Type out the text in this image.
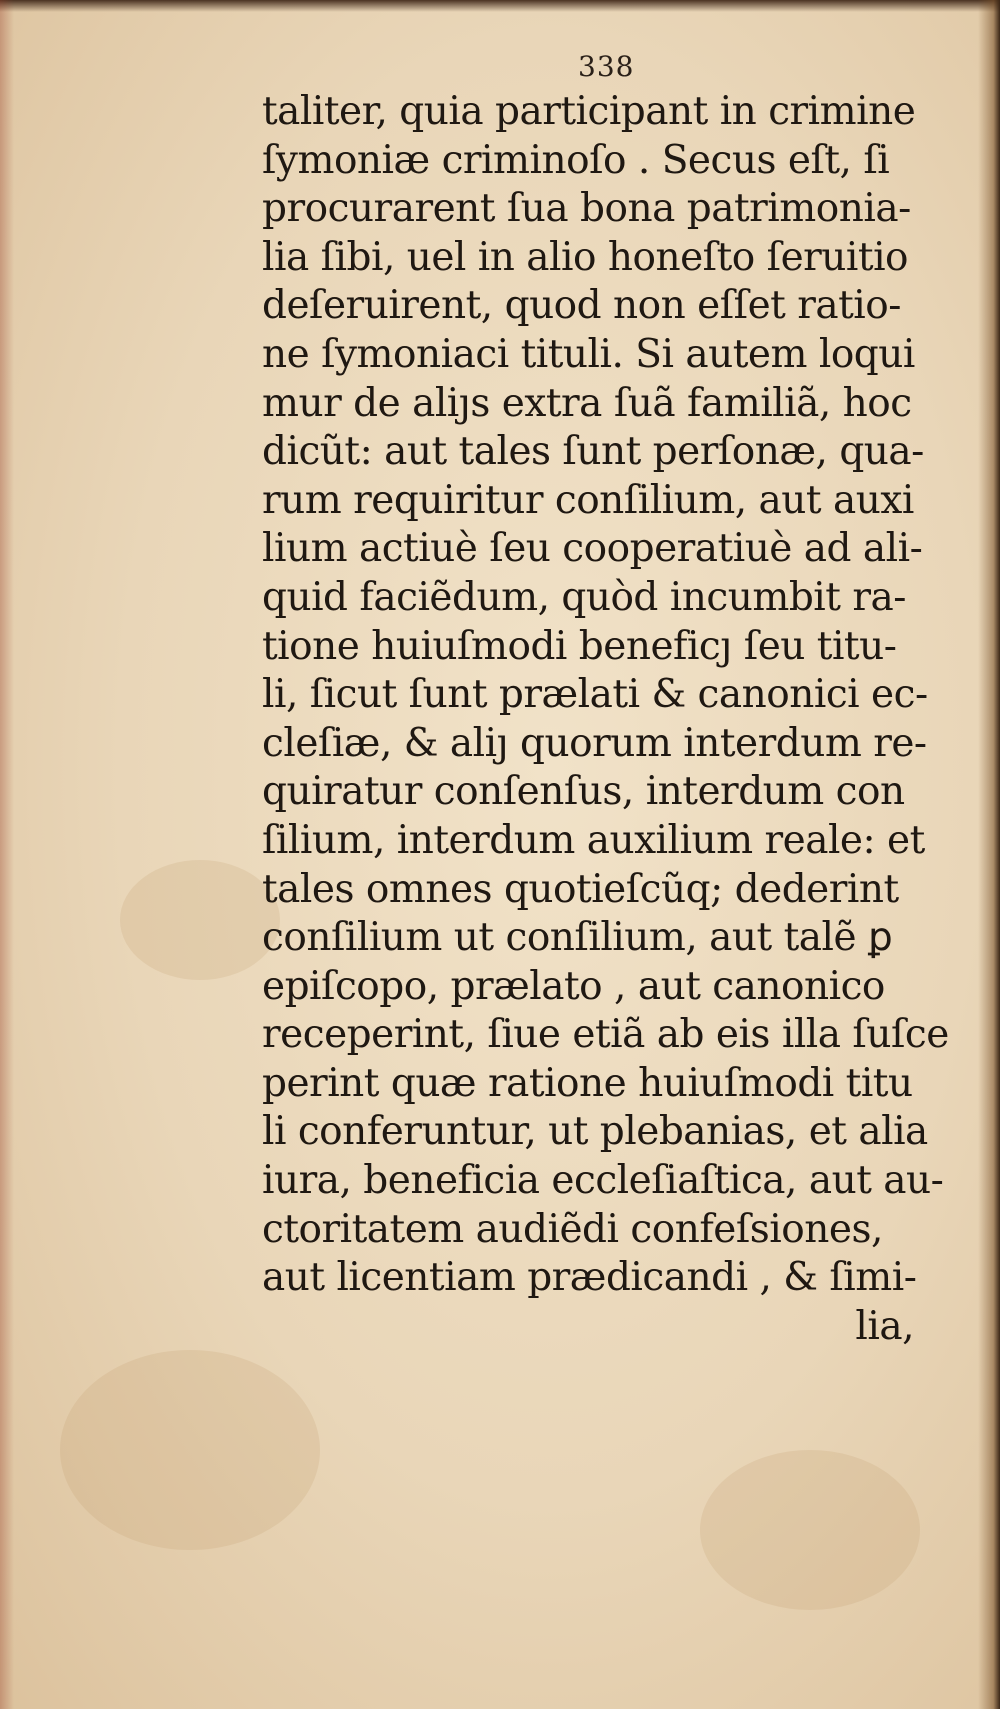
338
taliter, quia participant in crimine
ſymoniæ criminoſo . Secus eſt, ſi
procurarent ſua bona patrimonia-
lia ſibi, uel in alio honeſto ſeruitio
deſeruirent, quod non eſſet ratio-
ne ſymoniaci tituli. Si autem loqui
mur de aliȷs extra ſuã familiã, hoc
dicũt: aut tales ſunt perſonæ, qua-
rum requiritur conſilium, aut auxi
lium actiuè ſeu cooperatiuè ad ali-
quid faciẽdum, quòd incumbit ra-
tione huiuſmodi beneficȷ ſeu titu-
li, ſicut ſunt prælati & canonici ec-
cleſiæ, & aliȷ quorum interdum re-
quiratur conſenſus, interdum con
ſilium, interdum auxilium reale: et
tales omnes quotieſcũq; dederint
conſilium ut conſilium, aut talẽ ꝑ
epiſcopo, prælato , aut canonico
receperint, ſiue etiã ab eis illa ſuſce
perint quæ ratione huiuſmodi titu
li conferuntur, ut plebanias, et alia
iura, beneficia eccleſiaſtica, aut au-
ctoritatem audiẽdi confeſsiones,
aut licentiam prædicandi , & ſimi-
lia,
